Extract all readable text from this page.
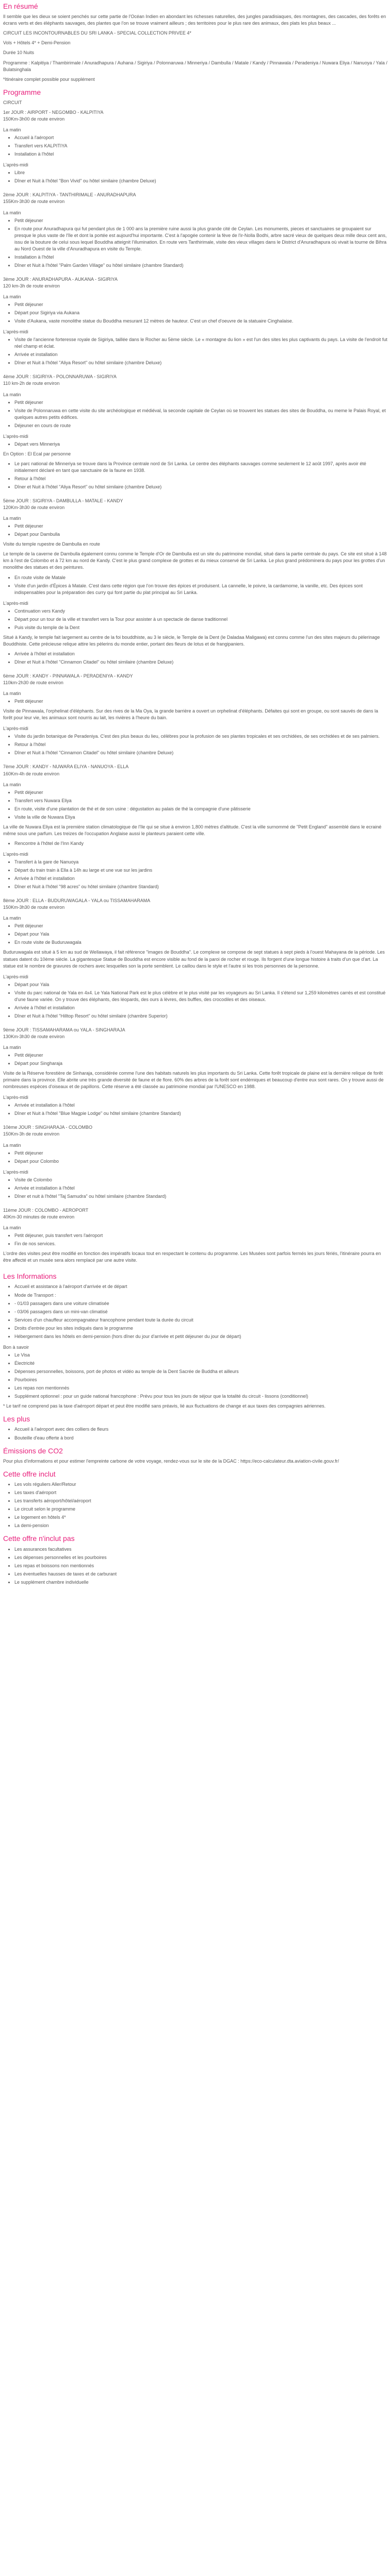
En résumé

Il semble que les dieux se soient penchés sur cette partie de l'Océan Indien en abondant les richesses naturelles, des jungles paradisiaques, des montagnes, des cascades, des forêts en écrans verts et des éléphants sauvages, des plantes que l'on se trouve vraiment ailleurs ; des territoires pour le plus rare des animaux, des plats les plus beaux ...

CIRCUIT LES INCONTOURNABLES DU SRI LANKA - SPECIAL COLLECTION PRIVEE 4*

Vols + Hôtels 4* + Demi-Pension

Durée 10 Nuits

Programme : Kalpitiya / Thambirimale / Anuradhapura / Auhana / Sigiriya / Polonnaruwa / Minneriya / Dambulla / Matale / Kandy / Pinnawala / Peradeniya / Nuwara Eliya / Nanuoya / Yala / Bulatsinghala

*Itinéraire complet possible pour supplément

Programme

CIRCUIT

1er JOUR : AIRPORT - NEGOMBO - KALPITIYA

150Km-3h00 de route environ

La matin

• Accueil à l'aéroport
• Transfert vers KALPITIYA
• Installation à l'hôtel

L'après-midi

• Libre
• Dîner et Nuit à l'hôtel "Bon Vivid" ou hôtel similaire (chambre Deluxe)

2ème JOUR : KALPITIYA - TANTHIRIMALE - ANURADHAPURA

155Km-3h30 de route environ

La matin

• Petit déjeuner
• En route pour Anuradhapura qui fut pendant plus de 1 000 ans la première ruine aussi la plus grande cité de Ceylan. Les monuments, pieces et sanctuaires se groupaient sur presque le plus vaste de l'île et dont la portée est aujourd'hui importante. C'est à l'apogée contenir la fève de l'ir-Nolla Bodhi, arbre sacré vieux de quelques deux mille deux cent ans, issu de la bouture de celui sous lequel Bouddha atteignit l'illumination. En route vers Tanthirimale, visite des vieux villages dans le District d'Anuradhapura où vivait la tourne de Bihra au Nord Ouest de la ville d'Anuradhapura en visite du Temple.
• Installation à l'hôtel
• Dîner et Nuit à l'hôtel "Palm Garden Village" ou hôtel similaire (chambre Standard)

3ème JOUR : ANURADHAPURA - AUKANA - SIGIRIYA

120 km-3h de route environ

La matin

• Petit déjeuner
• Départ pour Sigiriya via Aukana
• Visite d'Aukana, vaste monolithe statue du Bouddha mesurant 12 mètres de hauteur. C'est un chef d'oeuvre de la statuaire Cinghalaise.

L'après-midi

• Visite de l'ancienne forteresse royale de Sigiriya, taillée dans le Rocher au 5ème siècle. Le « montagne du lion » est l'un des sites les plus captivants du pays. La visite de l'endroit fut réel champ et éclat.
• Arrivée et installation
• Dîner et Nuit à l'hôtel "Aliya Resort" ou hôtel similaire (chambre Deluxe)

4ème JOUR : SIGIRIYA - POLONNARUWA - SIGIRIYA

110 km-2h de route environ

La matin

• Petit déjeuner
• Visite de Polonnaruwa en cette visite du site archéologique et médiéval, la seconde capitale de Ceylan où se trouvent les statues des sites de Bouddha, ou meme le Palais Royal, et quelques autres petits édifices.
• Déjeuner en cours de route

L'après-midi

• Départ vers Minneriya

En Option : El Ecal par personne

• Le parc national de Minneriya se trouve dans la Province centrale nord de Sri Lanka. Le centre des éléphants sauvages comme seulement le 12 août 1997, après avoir été initialement déclaré en tant que sanctuaire de la faune en 1938.
• Retour à l'hôtel
• Dîner et Nuit à l'hôtel "Aliya Resort" ou hôtel similaire (chambre Deluxe)

5ème JOUR : SIGIRIYA - DAMBULLA - MATALE - KANDY

120Km-3h30 de route environ

La matin

• Petit déjeuner
• Départ pour Dambulla

Visite du temple rupestre de Dambulla en route

Le temple de la caverne de Dambulla également connu comme le Temple d'Or de Dambulla est un site du patrimoine mondial, situé dans la partie centrale du pays. Ce site est situé à 148 km à l'est de Colombo et à 72 km au nord de Kandy. C'est le plus grand complexe de grottes et du mieux conservé de Sri Lanka. Le plus grand prédominera du pays pour les grottes d'un monolithe des statues et des peintures.

• En route visite de Matale
• Visite d'un jardin d'Épices à Matale. C'est dans cette région que l'on trouve des épices et produisent. La cannelle, le poivre, la cardamome, la vanille, etc. Des épices sont indispensables pour la préparation des curry qui font partie du plat principal au Sri Lanka.

L'après-midi

• Continuation vers Kandy
• Départ pour un tour de la ville et transfert vers la Tour pour assister à un spectacle de danse traditionnel
• Puis visite du temple de la Dent

Situé à Kandy, le temple fait largement au centre de la foi bouddhiste, au 3 le siècle, le Temple de la Dent (le Daladaa Maligawa) est connu comme l'un des sites majeurs du pèlerinage Bouddhiste. Cette précieuse relique attire les pèlerins du monde entier, portant des fleurs de lotus et de frangipaniers.

• Arrivée à l'hôtel et installation
• Dîner et Nuit à l'hôtel "Cinnamon Citadel" ou hôtel similaire (chambre Deluxe)

6ème JOUR : KANDY - PINNAWALA - PERADENIYA - KANDY

110km-2h30 de route environ

La matin

• Petit déjeuner

Visite de Pinnawala, l'orphelinat d'éléphants. Sur des rives de la Ma Oya, la grande barrière a ouvert un orphelinat d'éléphants. Défaites qui sont en groupe, ou sont sauvés de dans la forêt pour leur vie, les animaux sont nourris au lait, les rivières à l'heure du bain.

L'après-midi

• Visite du jardin botanique de Peradeniya. C'est des plus beaux du lieu, célèbres pour la profusion de ses plantes tropicales et ses orchidées, de ses orchidées et de ses palmiers.
• Retour à l'hôtel
• Dîner et Nuit à l'hôtel "Cinnamon Citadel" ou hôtel similaire (chambre Deluxe)

7ème JOUR : KANDY - NUWARA ELIYA - NANUOYA - ELLA

160Km-4h de route environ

La matin

• Petit déjeuner
• Transfert vers Nuwara Eliya
• En route, visite d'une plantation de thé et de son usine : dégustation au palais de thé la compagnie d'une pâtisserie
• Visite la ville de Nuwara Eliya

La ville de Nuwara Eliya est la première station climatologique de l'île qui se situe à environ 1,800 mètres d'altitude. C'est la ville surnommé de "Petit England" assemblé dans le ecrainé même sous une parfum. Les treizes de l'occupation Anglaise aussi le planteurs paraient cette ville.

• Rencontre à l'hôtel de l'Inn Kandy

L'après-midi

• Transfert à la gare de Nanuoya
• Départ du train train à Ella à 14h au large et une vue sur les jardins
• Arrivée à l'hôtel et installation
• Dîner et Nuit à l'hôtel "98 acres" ou hôtel similaire (chambre Standard)

8ème JOUR : ELLA - BUDURUWAGALA - YALA ou TISSAMAHARAMA

150Km-3h30 de route environ

La matin

• Petit déjeuner
• Départ pour Yala
• En route visite de Buduruwagala

Buduruwagala est situé à 5 km au sud de Wellawaya, il fait référence "images de Bouddha". Le complexe se compose de sept statues à sept pieds à l'ouest Mahayana de la période. Les statues datent du 10ème siècle. La gigantesque Statue de Bouddha est encore visible au fond de la paroi de rocher et rouge. Ils forgent d'une longue histoire à traits d'un que d'art. La statue est le nombre de gravures de rochers avec lesquelles son la porte semblent. Le caillou dans le style et l'autre si les trois personnes de la personne.

L'après-midi

• Départ pour Yala
• Visite du parc national de Yala en 4x4. Le Yala National Park est le plus célèbre et le plus visité par les voyageurs au Sri Lanka. Il s'étend sur 1,259 kilomètres carrés et est constitué d'une faune variée. On y trouve des éléphants, des léopards, des ours à lèvres, des buffles, des crocodiles et des oiseaux.
• Arrivée à l'hôtel et installation
• Dîner et Nuit à l'hôtel "Hilltop Resort" ou hôtel similaire (chambre Superior)

9ème JOUR : TISSAMAHARAMA ou YALA - SINGHARAJA

130Km-3h30 de route environ

La matin

• Petit déjeuner
• Départ pour Singharaja

Visite de la Réserve forestière de Sinharaja, considérée comme l'une des habitats naturels les plus importants du Sri Lanka. Cette forêt tropicale de plaine est la dernière relique de forêt primaire dans la province. Elle abrite une très grande diversité de faune et de flore. 60% des arbres de la forêt sont endémiques et beaucoup d'entre eux sont rares. On y trouve aussi de nombreuses espèces d'oiseaux et de papillons. Cette réserve a été classée au patrimoine mondial par l'UNESCO en 1988.

L'après-midi

• Arrivée et installation à l'hôtel
• Dîner et Nuit à l'hôtel "Blue Magpie Lodge" ou hôtel similaire (chambre Standard)

10ème JOUR : SINGHARAJA - COLOMBO

150Km-3h de route environ

La matin

• Petit déjeuner
• Départ pour Colombo

L'après-midi

• Visite de Colombo
• Arrivée et installation à l'hôtel
• Dîner et nuit à l'hôtel "Taj Samudra" ou hôtel similaire (chambre Standard)

11ème JOUR : COLOMBO - AEROPORT

40Km-30 minutes de route environ

La matin

• Petit déjeuner, puis transfert vers l'aéroport
• Fin de nos services.

L'ordre des visites peut être modifié en fonction des impératifs locaux tout en respectant le contenu du programme. Les Musées sont parfois fermés les jours fériés, l'itinéraire pourra en être affecté et un musée sera alors remplacé par une autre visite.

Les Informations
• Accueil et assistance à l'aéroport d'arrivée et de départ
• Mode de Transport :
• - 01/03 passagers dans une voiture climatisée
• - 03/06 passagers dans un mini-van climatisé
• Services d'un chauffeur accompagnateur francophone pendant toute la durée du circuit
• Droits d'entrée pour les sites indiqués dans le programme
• Hébergement dans les hôtels en demi-pension (hors dîner du jour d'arrivée et petit déjeuner du jour de départ)

Bon à savoir

• Le Visa
• Électricité
• Dépenses personnelles, boissons, port de photos et vidéo au temple de la Dent Sacrée de Buddha et ailleurs
• Pourboires
• Les repas non mentionnés
• Supplément optionnel : pour un guide national francophone : Prévu pour tous les jours de séjour que la totalité du circuit - lissons (conditionnel)

* Le tarif ne comprend pas la taxe d'aéroport départ et peut être modifié sans préavis, lié aux fluctuations de change et aux taxes des compagnies aériennes.

Les plus
• Accueil à l'aéroport avec des colliers de fleurs
• Bouteille d'eau offerte à bord
Émissions de CO2

Pour plus d'informations et pour estimer l'empreinte carbone de votre voyage, rendez-vous sur le site de la DGAC : https://eco-calculateur.dta.aviation-civile.gouv.fr/

Cette offre inclut
• Les vols réguliers Aller/Retour
• Les taxes d'aéroport
• Les transferts aéroport/hôtel/aéroport
• Le circuit selon le programme
• Le logement en hôtels 4*
• La demi-pension
Cette offre n'inclut pas
• Les assurances facultatives
• Les dépenses personnelles et les pourboires
• Les repas et boissons non mentionnés
• Les éventuelles hausses de taxes et de carburant
• Le supplément chambre individuelle
